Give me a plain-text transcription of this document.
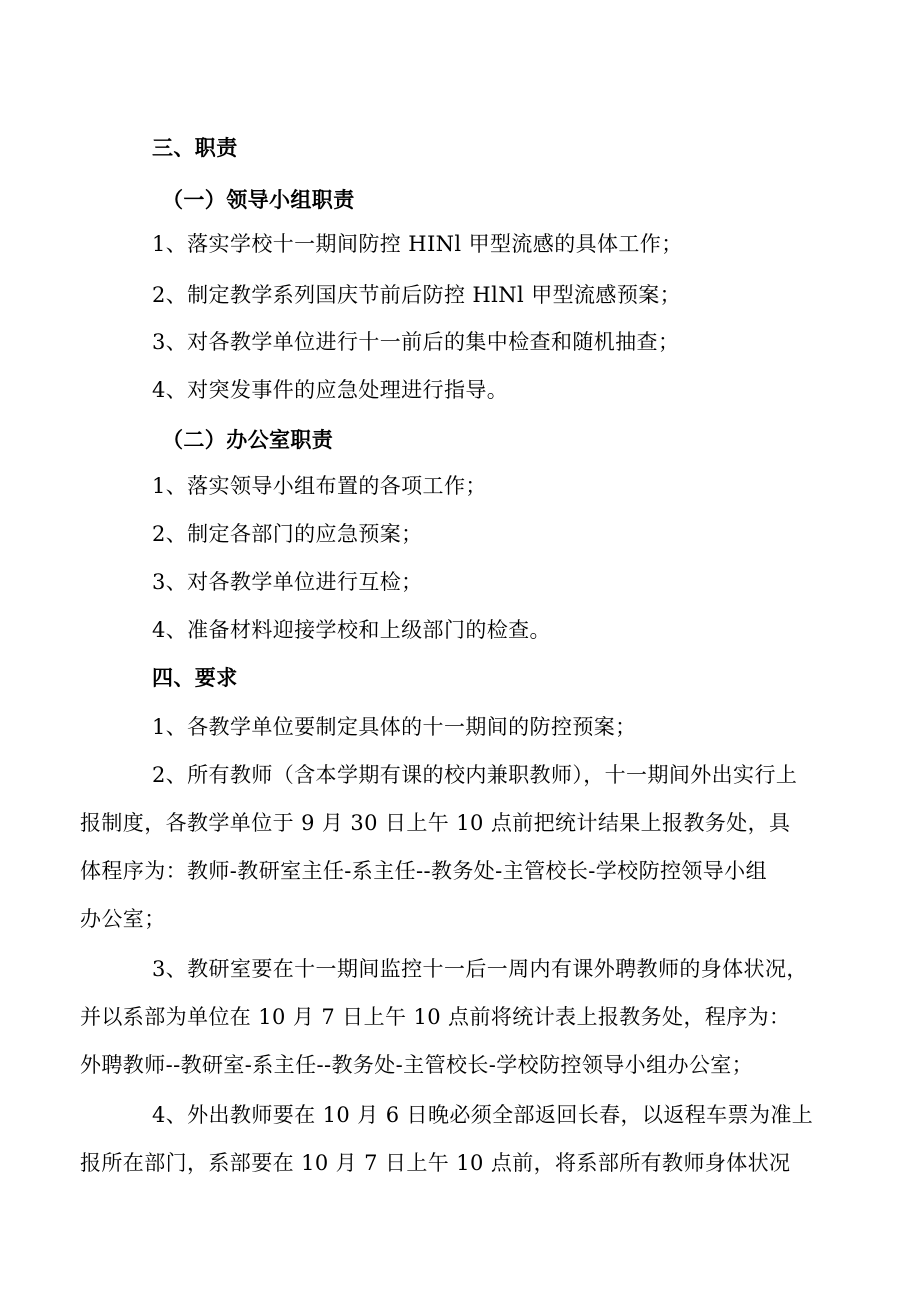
三、职责
（一）领导小组职责
1、落实学校十一期间防控 HINl 甲型流感的具体工作；
2、制定教学系列国庆节前后防控 HlNl 甲型流感预案；
3、对各教学单位进行十一前后的集中检查和随机抽查；
4、对突发事件的应急处理进行指导。
（二）办公室职责
1、落实领导小组布置的各项工作；
2、制定各部门的应急预案；
3、对各教学单位进行互检；
4、准备材料迎接学校和上级部门的检查。
四、要求
1、各教学单位要制定具体的十一期间的防控预案；
2、所有教师（含本学期有课的校内兼职教师），十一期间外出实行上
报制度，各教学单位于 9 月 30 日上午 10 点前把统计结果上报教务处，具
体程序为：教师-教研室主任-系主任--教务处-主管校长-学校防控领导小组
办公室；
3、教研室要在十一期间监控十一后一周内有课外聘教师的身体状况，
并以系部为单位在 10 月 7 日上午 10 点前将统计表上报教务处，程序为：
外聘教师--教研室-系主任--教务处-主管校长-学校防控领导小组办公室；
4、外出教师要在 10 月 6 日晚必须全部返回长春，以返程车票为准上
报所在部门，系部要在 10 月 7 日上午 10 点前，将系部所有教师身体状况
